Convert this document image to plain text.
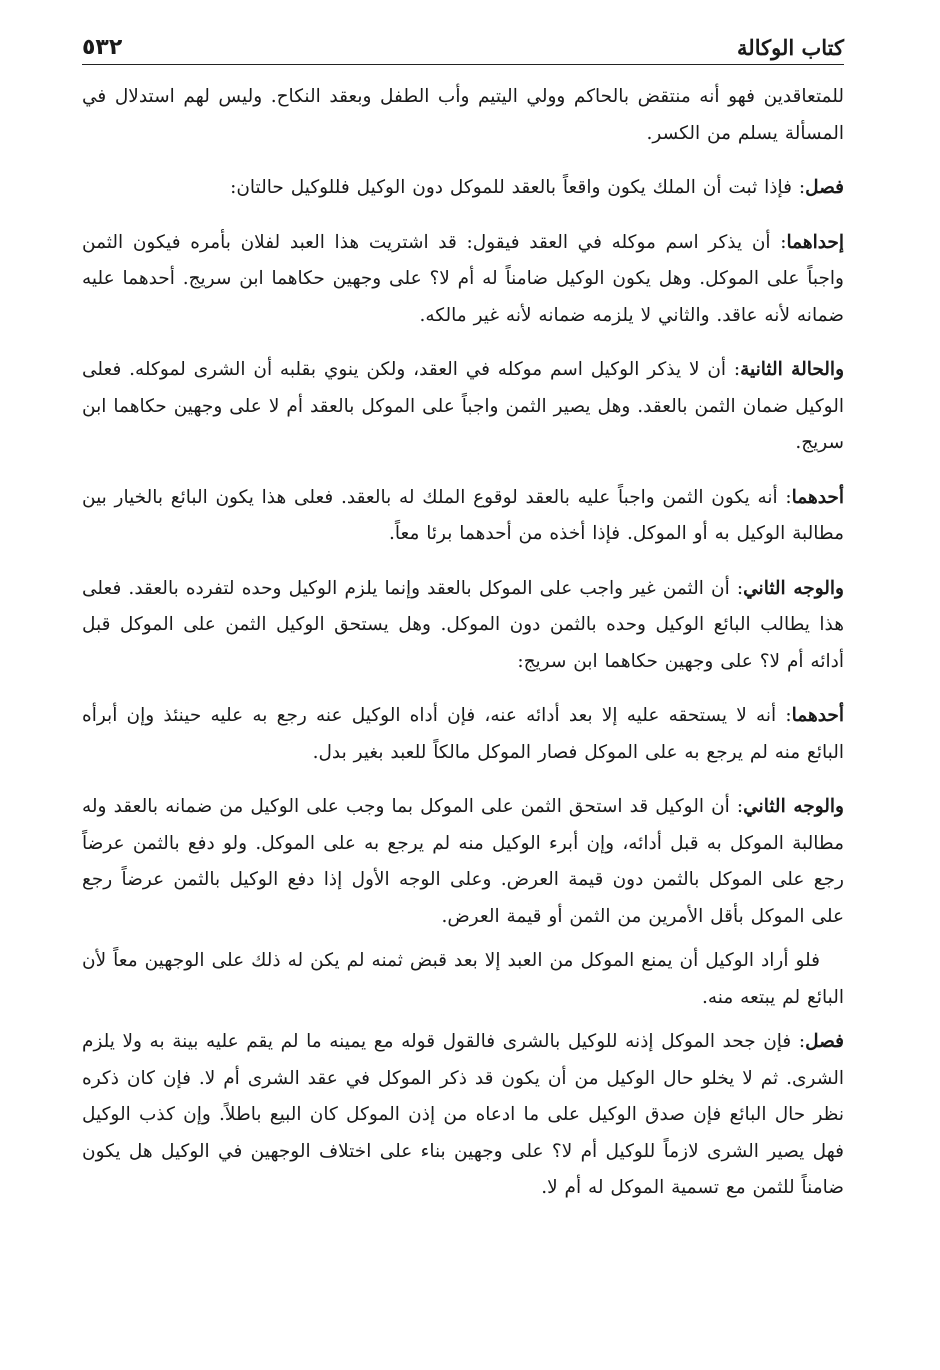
كتاب الوكالة
٥٣٢

للمتعاقدين فهو أنه منتقض بالحاكم وولي اليتيم وأب الطفل وبعقد النكاح. وليس لهم استدلال في المسألة يسلم من الكسر.

فصل: فإذا ثبت أن الملك يكون واقعاً بالعقد للموكل دون الوكيل فللوكيل حالتان:

إحداهما: أن يذكر اسم موكله في العقد فيقول: قد اشتريت هذا العبد لفلان بأمره فيكون الثمن واجباً على الموكل. وهل يكون الوكيل ضامناً له أم لا؟ على وجهين حكاهما ابن سريج. أحدهما عليه ضمانه لأنه عاقد. والثاني لا يلزمه ضمانه لأنه غير مالكه.

والحالة الثانية: أن لا يذكر الوكيل اسم موكله في العقد، ولكن ينوي بقلبه أن الشرى لموكله. فعلى الوكيل ضمان الثمن بالعقد. وهل يصير الثمن واجباً على الموكل بالعقد أم لا على وجهين حكاهما ابن سريج.

أحدهما: أنه يكون الثمن واجباً عليه بالعقد لوقوع الملك له بالعقد. فعلى هذا يكون البائع بالخيار بين مطالبة الوكيل به أو الموكل. فإذا أخذه من أحدهما برئا معاً.

والوجه الثاني: أن الثمن غير واجب على الموكل بالعقد وإنما يلزم الوكيل وحده لتفرده بالعقد. فعلى هذا يطالب البائع الوكيل وحده بالثمن دون الموكل. وهل يستحق الوكيل الثمن على الموكل قبل أدائه أم لا؟ على وجهين حكاهما ابن سريج:

أحدهما: أنه لا يستحقه عليه إلا بعد أدائه عنه، فإن أداه الوكيل عنه رجع به عليه حينئذ وإن أبرأه البائع منه لم يرجع به على الموكل فصار الموكل مالكاً للعبد بغير بدل.

والوجه الثاني: أن الوكيل قد استحق الثمن على الموكل بما وجب على الوكيل من ضمانه بالعقد وله مطالبة الموكل به قبل أدائه، وإن أبرء الوكيل منه لم يرجع به على الموكل. ولو دفع بالثمن عرضاً رجع على الموكل بالثمن دون قيمة العرض. وعلى الوجه الأول إذا دفع الوكيل بالثمن عرضاً رجع على الموكل بأقل الأمرين من الثمن أو قيمة العرض.

فلو أراد الوكيل أن يمنع الموكل من العبد إلا بعد قبض ثمنه لم يكن له ذلك على الوجهين معاً لأن البائع لم يبتعه منه.

فصل: فإن جحد الموكل إذنه للوكيل بالشرى فالقول قوله مع يمينه ما لم يقم عليه بينة به ولا يلزم الشرى. ثم لا يخلو حال الوكيل من أن يكون قد ذكر الموكل في عقد الشرى أم لا. فإن كان ذكره نظر حال البائع فإن صدق الوكيل على ما ادعاه من إذن الموكل كان البيع باطلاً. وإن كذب الوكيل فهل يصير الشرى لازماً للوكيل أم لا؟ على وجهين بناء على اختلاف الوجهين في الوكيل هل يكون ضامناً للثمن مع تسمية الموكل له أم لا.
